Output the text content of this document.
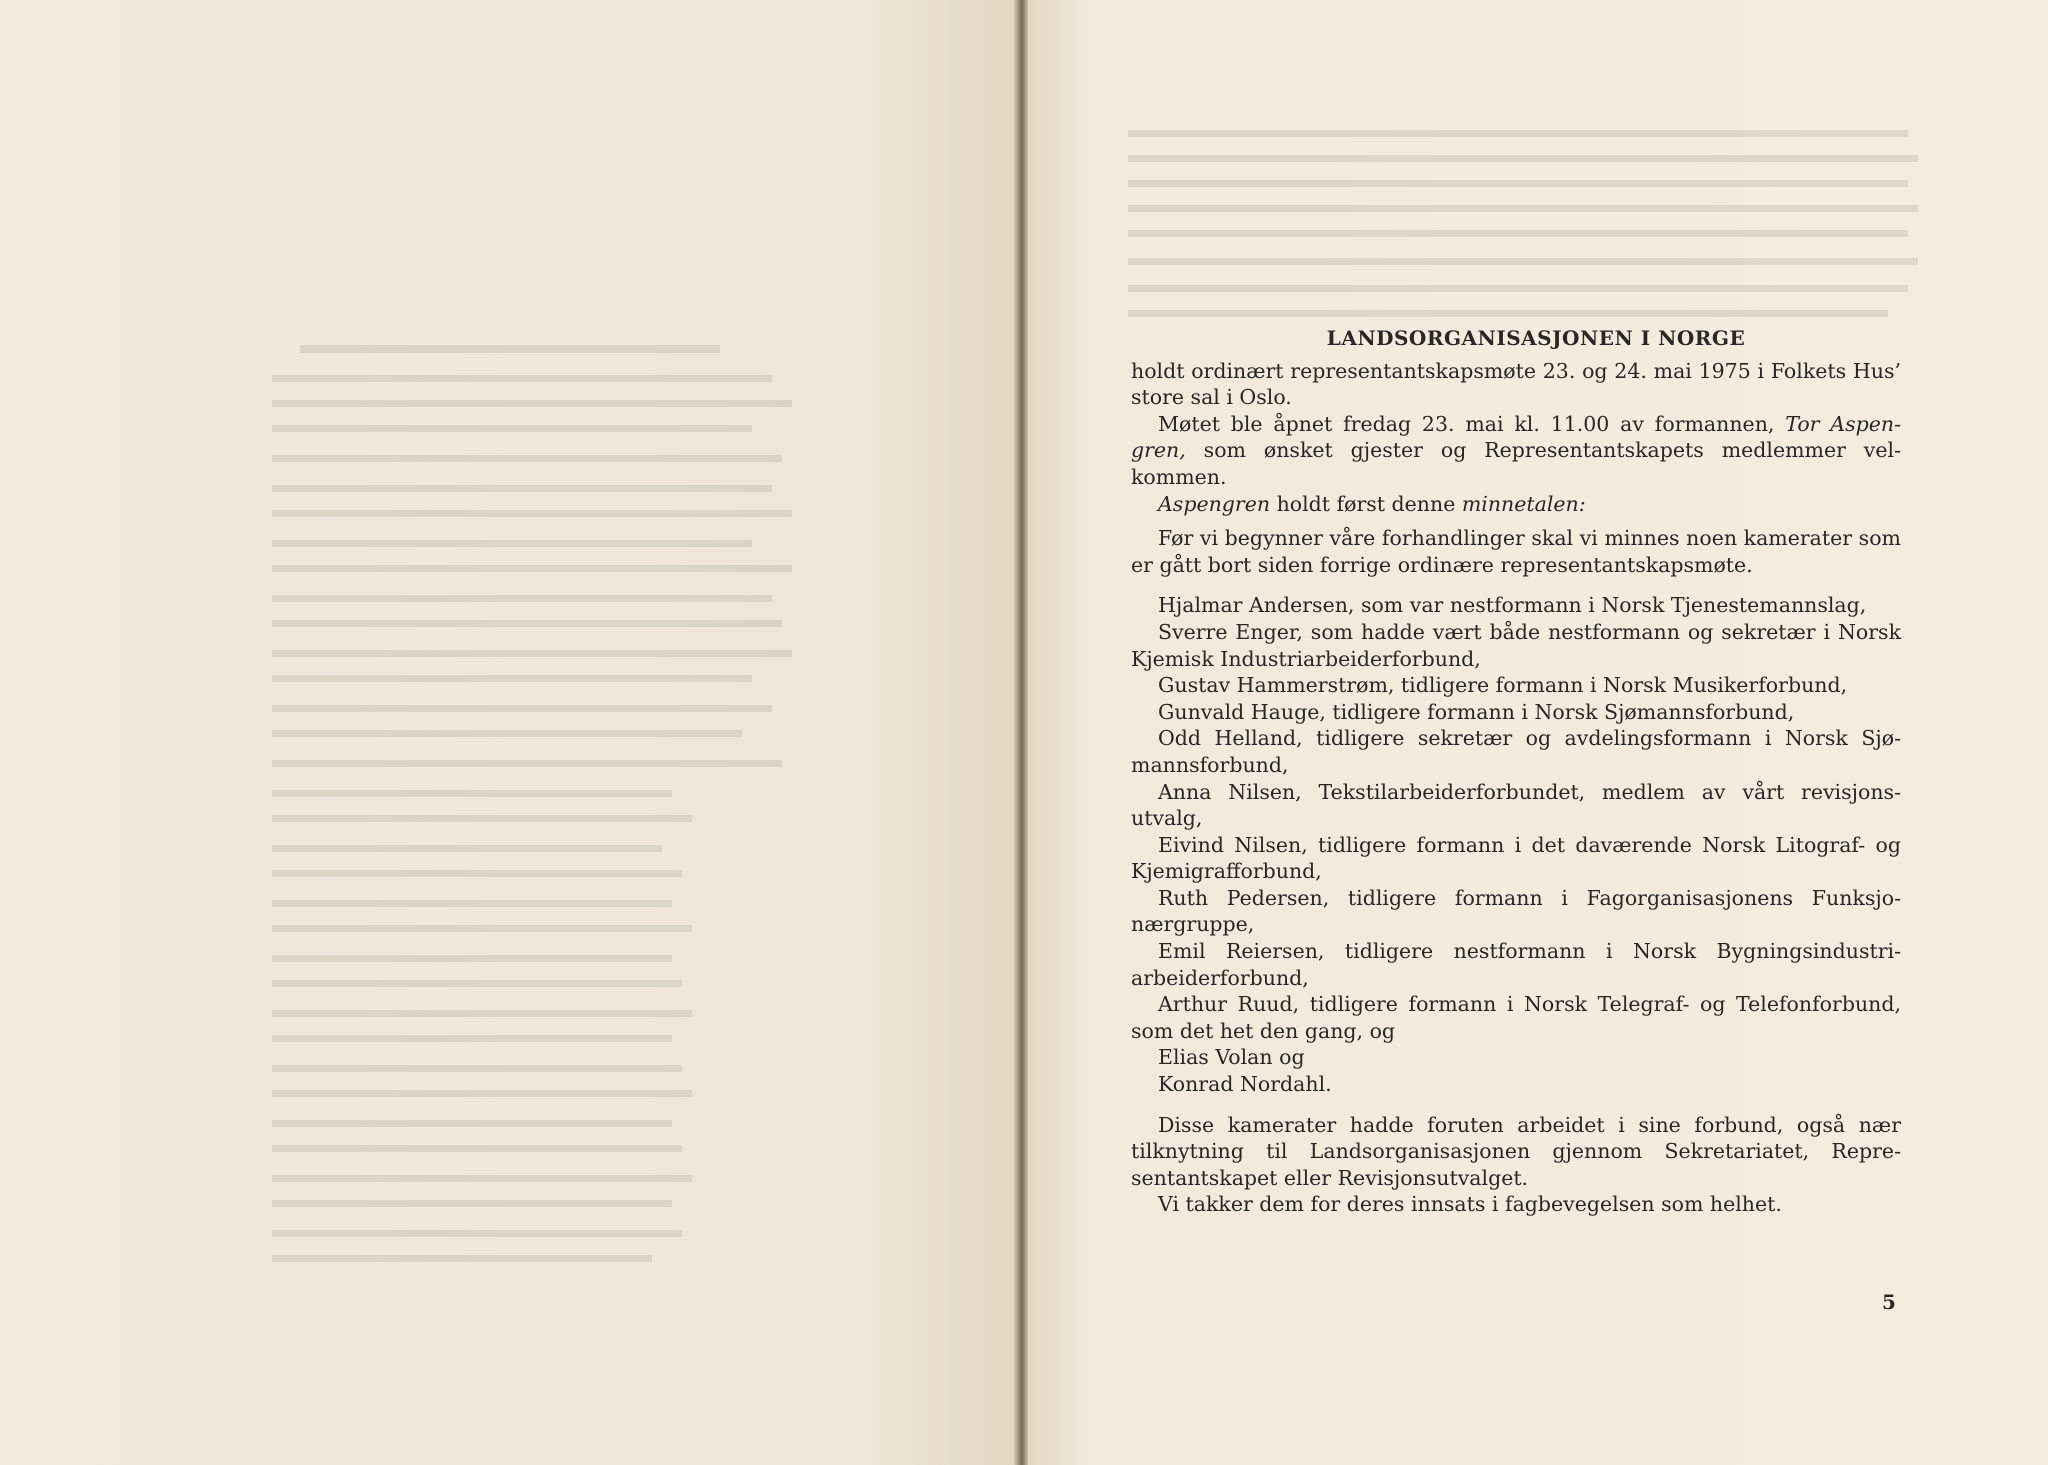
LANDSORGANISASJONEN I NORGE

holdt ordinært representantskapsmøte 23. og 24. mai 1975 i Folkets Hus’ store sal i Oslo.

Møtet ble åpnet fredag 23. mai kl. 11.00 av formannen, Tor Aspengren, som ønsket gjester og Representantskapets medlemmer velkommen.

Aspengren holdt først denne minnetalen:

Før vi begynner våre forhandlinger skal vi minnes noen kamerater som er gått bort siden forrige ordinære representantskapsmøte.

Hjalmar Andersen, som var nestformann i Norsk Tjenestemannslag,

Sverre Enger, som hadde vært både nestformann og sekretær i Norsk Kjemisk Industriarbeiderforbund,

Gustav Hammerstrøm, tidligere formann i Norsk Musikerforbund,

Gunvald Hauge, tidligere formann i Norsk Sjømannsforbund,

Odd Helland, tidligere sekretær og avdelingsformann i Norsk Sjømannsforbund,

Anna Nilsen, Tekstilarbeiderforbundet, medlem av vårt revisjonsutvalg,

Eivind Nilsen, tidligere formann i det daværende Norsk Litograf- og Kjemigrafforbund,

Ruth Pedersen, tidligere formann i Fagorganisasjonens Funksjonærgruppe,

Emil Reiersen, tidligere nestformann i Norsk Bygningsindustriarbeiderforbund,

Arthur Ruud, tidligere formann i Norsk Telegraf- og Telefonforbund, som det het den gang, og

Elias Volan og

Konrad Nordahl.

Disse kamerater hadde foruten arbeidet i sine forbund, også nær tilknytning til Landsorganisasjonen gjennom Sekretariatet, Representantskapet eller Revisjonsutvalget.

Vi takker dem for deres innsats i fagbevegelsen som helhet.

5
